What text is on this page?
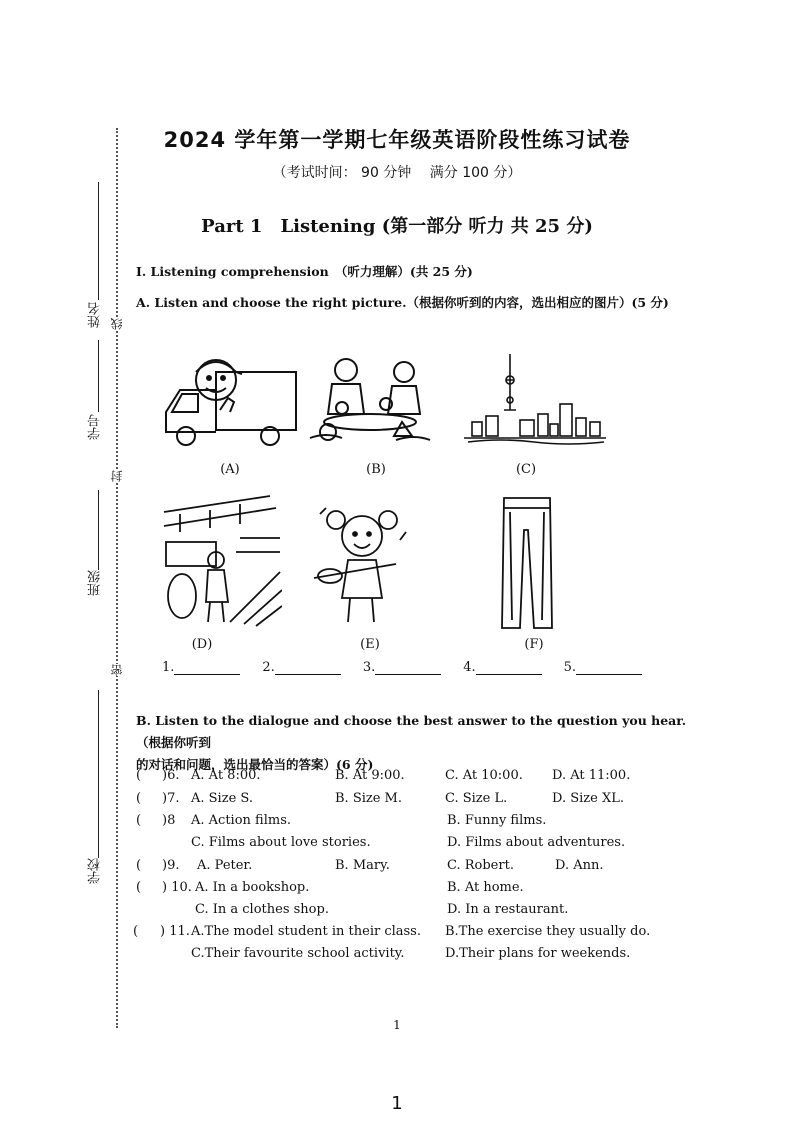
姓名 线
学号
封
班级
密
学校
2024 学年第一学期七年级英语阶段性练习试卷
（考试时间： 90 分钟　 满分 100 分）
Part 1　Listening (第一部分 听力 共 25 分)
I. Listening comprehension　（听力理解）(共 25 分)
A. Listen and choose the right picture.（根据你听到的内容，选出相应的图片）(5 分)
(A)	(B)	(C)
(D)	(E)	(F)
1.	2.	3.	4.	5.
B. Listen to the dialogue and choose the best answer to the question you hear.（根据你听到
的对话和问题，选出最恰当的答案）(6 分)
( )6. A. At 8:00.	B. At 9:00.	C. At 10:00. D. At 11:00.
( )7. A. Size S.	B. Size M.	C. Size L.	D. Size XL.
( )8 A. Action films.	B. Funny films.
C. Films about love stories.	D. Films about adventures.
( )9. A. Peter.	B. Mary.	C. Robert.	D. Ann.
( ) 10. A. In a bookshop.	B. At home.
C. In a clothes shop.	D. In a restaurant.
( ) 11. A.The model student in their class. B.The exercise they usually do.
C.Their favourite school activity.	D.Their plans for weekends.
1
1
